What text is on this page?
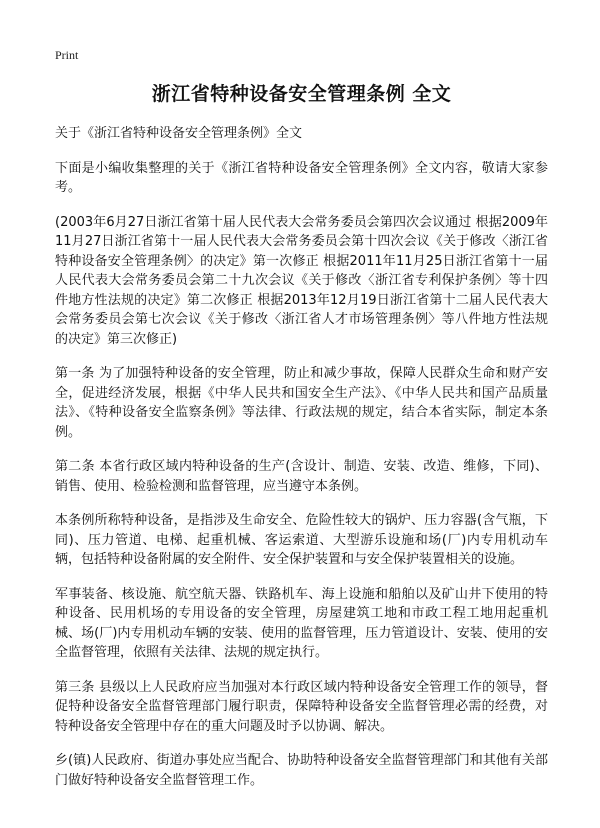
Print
浙江省特种设备安全管理条例 全文

关于《浙江省特种设备安全管理条例》全文

下面是小编收集整理的关于《浙江省特种设备安全管理条例》全文内容，敬请大家参考。

(2003年6月27日浙江省第十届人民代表大会常务委员会第四次会议通过 根据2009年11月27日浙江省第十一届人民代表大会常务委员会第十四次会议《关于修改〈浙江省特种设备安全管理条例〉的决定》第一次修正 根据2011年11月25日浙江省第十一届人民代表大会常务委员会第二十九次会议《关于修改〈浙江省专利保护条例〉等十四件地方性法规的决定》第二次修正 根据2013年12月19日浙江省第十二届人民代表大会常务委员会第七次会议《关于修改〈浙江省人才市场管理条例〉等八件地方性法规的决定》第三次修正)

第一条 为了加强特种设备的安全管理，防止和减少事故，保障人民群众生命和财产安全，促进经济发展，根据《中华人民共和国安全生产法》、《中华人民共和国产品质量法》、《特种设备安全监察条例》等法律、行政法规的规定，结合本省实际，制定本条例。

第二条 本省行政区域内特种设备的生产(含设计、制造、安装、改造、维修，下同)、销售、使用、检验检测和监督管理，应当遵守本条例。

本条例所称特种设备，是指涉及生命安全、危险性较大的锅炉、压力容器(含气瓶，下同)、压力管道、电梯、起重机械、客运索道、大型游乐设施和场(厂)内专用机动车辆，包括特种设备附属的安全附件、安全保护装置和与安全保护装置相关的设施。

军事装备、核设施、航空航天器、铁路机车、海上设施和船舶以及矿山井下使用的特种设备、民用机场的专用设备的安全管理，房屋建筑工地和市政工程工地用起重机械、场(厂)内专用机动车辆的安装、使用的监督管理，压力管道设计、安装、使用的安全监督管理，依照有关法律、法规的规定执行。

第三条 县级以上人民政府应当加强对本行政区域内特种设备安全管理工作的领导，督促特种设备安全监督管理部门履行职责，保障特种设备安全监督管理必需的经费，对特种设备安全管理中存在的重大问题及时予以协调、解决。

乡(镇)人民政府、街道办事处应当配合、协助特种设备安全监督管理部门和其他有关部门做好特种设备安全监督管理工作。
